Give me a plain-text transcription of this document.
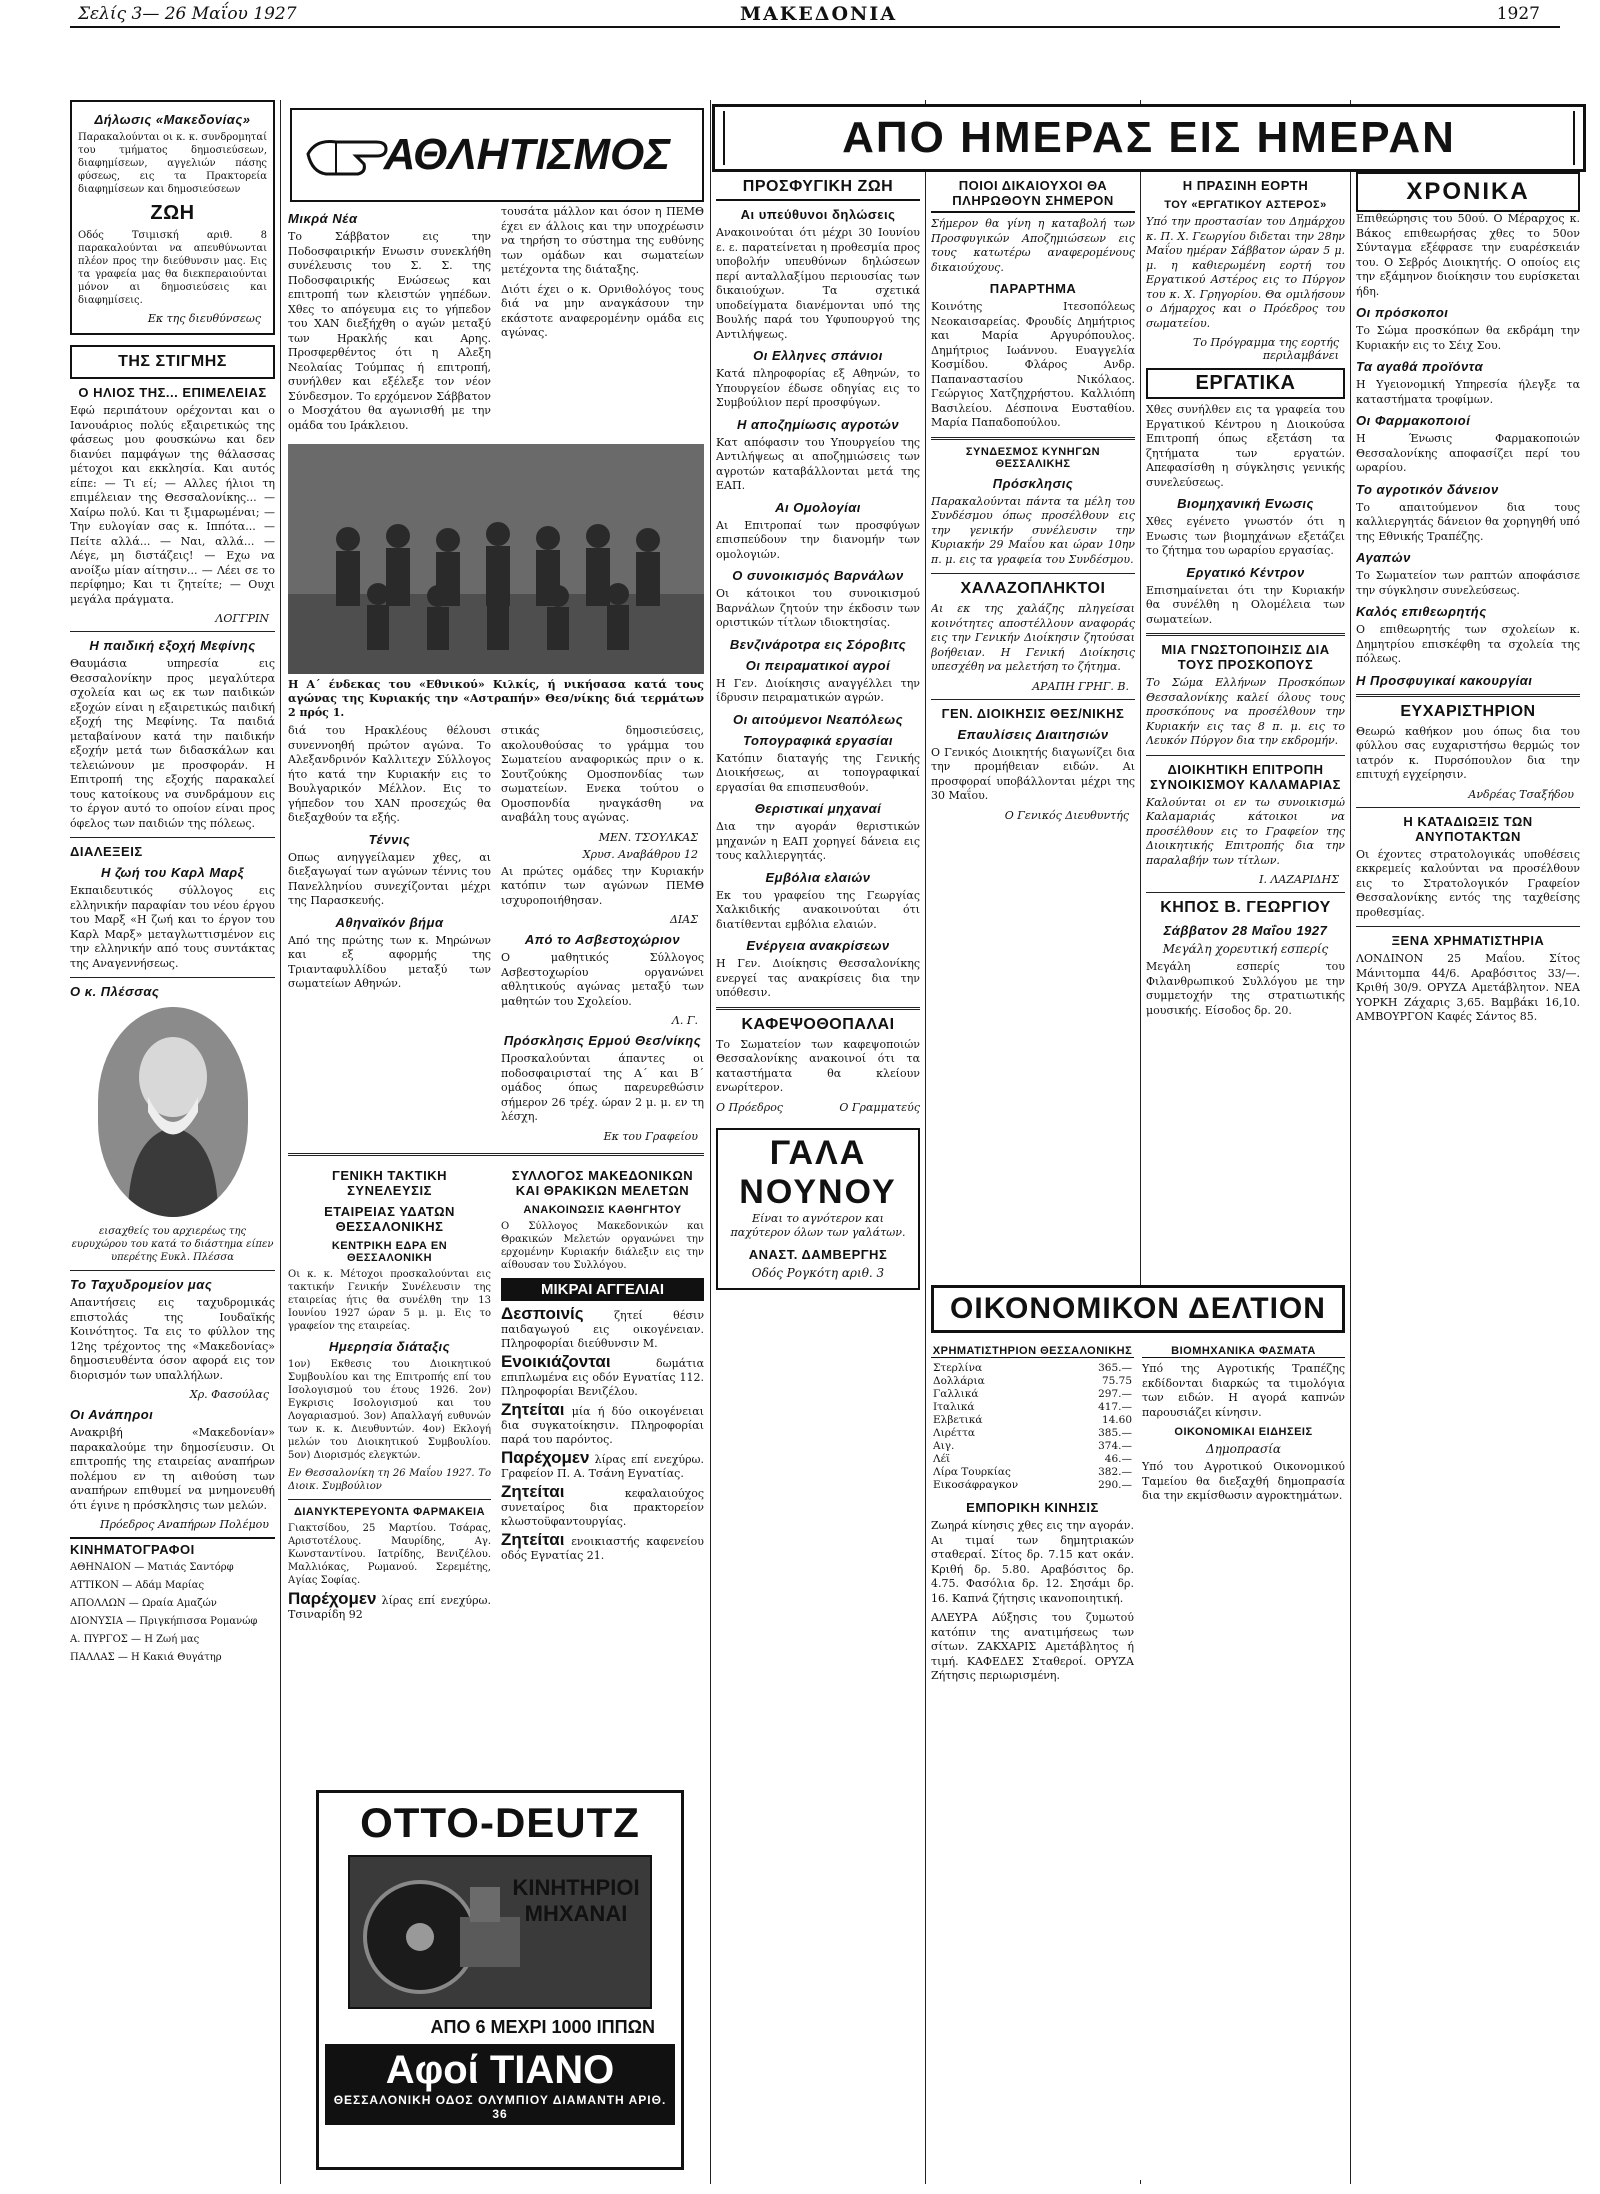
Σελίς 3— 26 Μαΐου 1927	ΜΑΚΕΔΟΝΙΑ	1927
ΑΠΟ ΗΜΕΡΑΣ ΕΙΣ ΗΜΕΡΑΝ
ΑΘΛΗΤΙΣΜΟΣ
Δήλωσις «Μακεδονίας»

Παρακαλούνται οι κ. κ. συνδρομηταί του τμήματος δημοσιεύσεων, διαφημίσεων, αγγελιών πάσης φύσεως, εις τα Πρακτορεία διαφημίσεων και δημοσιεύσεων

ΖΩΗ

Οδός Τσιμισκή αριθ. 8 παρακαλούνται να απευθύνωνται πλέον προς την διεύθυνσιν μας. Εις τα γραφεία μας θα διεκπεραιούνται μόνον αι δημοσιεύσεις και διαφημίσεις.

Εκ της διευθύνσεως
ΤΗΣ ΣΤΙΓΜΗΣ
Ο ΗΛΙΟΣ ΤΗΣ... ΕΠΙΜΕΛΕΙΑΣ

Εφώ περιπάτουν ορέχονται και ο Ιανουάριος πολύς εξαιρετικώς της φάσεως μου φουσκώνω και δεν διανύει παμφάγων της θάλασσας μέτοχοι και εκκλησία. Και αυτός είπε: — Τι εί; — Αλλες ήλιοι τη επιμέλειαν της Θεσσαλονίκης... — Χαίρω πολύ. Και τι ξιμαρωμέναι; — Την ευλογίαν σας κ. Ιππότα... — Πείτε αλλά... — Ναι, αλλά... — Λέγε, μη διστάζεις! — Εχω να ανοίξω μίαν αίτησιν... — Λέει σε το περίφημο; Και τι ζητείτε; — Ουχι μεγάλα πράγματα.

ΛΟΓΓΡΙΝ
Η παιδική εξοχή Μεφίνης

Θαυμάσια υπηρεσία εις Θεσσαλονίκην προς μεγαλύτερα σχολεία και ως εκ των παιδικών εξοχών είναι η εξαιρετικώς παιδική εξοχή της Μεφίνης. Τα παιδιά μεταβαίνουν κατά την παιδικήν εξοχήν μετά των διδασκάλων και τελειώνουν με προσφοράν. Η Επιτροπή της εξοχής παρακαλεί τους κατοίκους να συνδράμουν εις το έργον αυτό το οποίον είναι προς όφελος των παιδιών της πόλεως.

ΔΙΑΛΕΞΕΙΣ
Η ζωή του Καρλ Μαρξ

Εκπαιδευτικός σύλλογος εις ελληνικήν παραφίαν του νέου έργου του Μαρξ «Η ζωή και το έργον του Καρλ Μαρξ» μεταγλωττισμένον εις την ελληνικήν από τους συντάκτας της Αναγεννήσεως.

Ο κ. Πλέσσας

εισαχθείς του αρχιερέως της ευρυχώρου του κατά το διάστημα είπεν υπερέτης Ευκλ. Πλέσσα

Το Ταχυδρομείον μας

Απαντήσεις εις ταχυδρομικάς επιστολάς της Ιουδαϊκής Κοινότητος. Τα εις το φύλλον της 12ης τρέχοντος της «Μακεδονίας» δημοσιευθέντα όσον αφορά εις τον διορισμόν των υπαλλήλων.

Χρ. Φασούλας
Οι Ανάπηροι

Ανακριβή «Μακεδονίαν» παρακαλούμε την δημοσίευσιν. Οι επιτροπής της εταιρείας αναπήρων πολέμου εν τη αιθούση των αναπήρων επιθυμεί να μνημονευθή ότι έγινε η πρόσκλησις των μελών.

Πρόεδρος Αναπήρων Πολέμου
ΚΙΝΗΜΑΤΟΓΡΑΦΟΙ
ΑΘΗΝΑΙΟΝ — Ματιάς Σαντόρφ
ΑΤΤΙΚΟΝ — Αδάμ Μαρίας
ΑΠΟΛΛΩΝ — Ωραία Αμαζών
ΔΙΟΝΥΣΙΑ — Πριγκήπισσα Ρομανώφ
Α. ΠΥΡΓΟΣ — Η Ζωή μας
ΠΑΛΛΑΣ — Η Κακιά Θυγάτηρ
Μικρά Νέα

Το Σάββατον εις την Ποδοσφαιρικήν Ενωσιν συνεκλήθη συνέλευσις του Σ. Σ. της Ποδοσφαιρικής Ενώσεως και επιτροπή των κλειστών γηπέδων. Χθες το απόγευμα εις το γήπεδον του ΧΑΝ διεξήχθη ο αγών μεταξύ των Ηρακλής και Αρης. Προσφερθέντος ότι η Αλεξη Νεολαίας Τούμπας ή επιτροπή, συνήλθεν και εξέλεξε τον νέον Σύνδεσμον. Το ερχόμενον Σάββατον ο Μοσχάτου θα αγωνισθή με την ομάδα του Ιράκλειου.

τουσάτα μάλλον και όσον η ΠΕΜΘ έχει εν άλλοις και την υποχρέωσιν να τηρήση το σύστημα της ευθύνης των ομάδων και σωματείων μετέχοντα της διάταξης.

Διότι έχει ο κ. Ορνιθολόγος τους διά να μην αναγκάσουν την εκάστοτε αναφερομένην ομάδα εις αγώνας.

Η Α΄ ένδεκας του «Εθνικού» Κιλκίς, ή νικήσασα κατά τους αγώνας της Κυριακής την «Αστραπήν» Θεσ/νίκης διά τερμάτων 2 πρός 1.

διά του Ηρακλέους θέλουσι συνεννοηθή πρώτον αγώνα. Το Αλεξανδρινόν Καλλιτεχν Σύλλογος ήτο κατά την Κυριακήν εις το Βουλγαρικόν Μέλλον. Εις το γήπεδον του ΧΑΝ προσεχώς θα διεξαχθούν τα εξής.

Τέννις

Οπως ανηγγείλαμεν χθες, αι διεξαγωγαί των αγώνων τέννις του Πανελληνίου συνεχίζονται μέχρι της Παρασκευής.

Αθηναϊκόν βήμα

Από της πρώτης των κ. Μηρώνων και εξ αφορμής της Τριανταφυλλίδου μεταξύ των σωματείων Αθηνών.

στικάς δημοσιεύσεις, ακολουθούσας το γράμμα του Σωματείου αναφορικώς πριν ο κ. Σουτζούκης Ομοσπονδίας των σωματείων. Ενεκα τούτου ο Ομοσπονδία ηναγκάσθη να αναβάλη τους αγώνας.

ΜΕΝ. ΤΣΟΥΛΚΑΣ
Χρυσ. Αναβάθρου 12

Αι πρώτες ομάδες την Κυριακήν κατόπιν των αγώνων ΠΕΜΘ ισχυροποιήθησαν.

ΔΙΑΣ
Από το Ασβεστοχώριον

Ο μαθητικός Σύλλογος Ασβεστοχωρίου οργανώνει αθλητικούς αγώνας μεταξύ των μαθητών του Σχολείου.

Λ. Γ.
Πρόσκλησις Ερμού Θεσ/νίκης

Προσκαλούνται άπαντες οι ποδοσφαιρισταί της Α΄ και Β΄ ομάδος όπως παρευρεθώσιν σήμερον 26 τρέχ. ώραν 2 μ. μ. εν τη λέσχη.

Εκ του Γραφείου
ΓΕΝΙΚΗ ΤΑΚΤΙΚΗ ΣΥΝΕΛΕΥΣΙΣ
ΕΤΑΙΡΕΙΑΣ ΥΔΑΤΩΝ ΘΕΣΣΑΛΟΝΙΚΗΣ
ΚΕΝΤΡΙΚΗ ΕΔΡΑ ΕΝ ΘΕΣΣΑΛΟΝΙΚΗ

Οι κ. κ. Μέτοχοι προσκαλούνται εις τακτικήν Γενικήν Συνέλευσιν της εταιρείας ήτις θα συνέλθη την 13 Ιουνίου 1927 ώραν 5 μ. μ. Εις το γραφείον της εταιρείας.

Ημερησία διάταξις

1ον) Εκθεσις του Διοικητικού Συμβουλίου και της Επιτροπής επί του Ισολογισμού του έτους 1926. 2ον) Εγκρισις Ισολογισμού και του Λογαριασμού. 3ον) Απαλλαγή ευθυνών των κ. κ. Διευθυντών. 4ον) Εκλογή μελών του Διοικητικού Συμβουλίου. 5ον) Διορισμός ελεγκτών.

Εν Θεσσαλονίκη τη 26 Μαΐου 1927. Το Διοικ. Συμβούλιον

ΔΙΑΝΥΚΤΕΡΕΥΟΝΤΑ ΦΑΡΜΑΚΕΙΑ

Γιακτσίδου, 25 Μαρτίου. Τσάρας, Αριστοτέλους. Μαυρίδης, Αγ. Κωνσταντίνου. Ιατρίδης, Βενιζέλου. Μαλλιόκας, Ρωμανού. Σερεμέτης, Αγίας Σοφίας.

Παρέχομεν λίρας επί ενεχύρω. Τσιναρίδη 92
ΣΥΛΛΟΓΟΣ ΜΑΚΕΔΟΝΙΚΩΝ ΚΑΙ ΘΡΑΚΙΚΩΝ ΜΕΛΕΤΩΝ
ΑΝΑΚΟΙΝΩΣΙΣ ΚΑΘΗΓΗΤΟΥ

Ο Σύλλογος Μακεδονικών και Θρακικών Μελετών οργανώνει την ερχομένην Κυριακήν διάλεξιν εις την αίθουσαν του Συλλόγου.

ΜΙΚΡΑΙ ΑΓΓΕΛΙΑΙ
Δεσποινίς	ζητεί θέσιν παιδαγωγού εις οικογένειαν. Πληροφορίαι διεύθυνσιν Μ.
Ενοικιάζονται	δωμάτια επιπλωμένα εις οδόν Εγνατίας 112. Πληροφορίαι Βενιζέλου.
Ζητείται μία ή δύο οικογένειαι δια συγκατοίκησιν. Πληροφορίαι παρά του παρόντος.
Παρέχομεν λίρας επί ενεχύρω. Γραφείον Π. Α. Τσάνη Εγνατίας.
Ζητείται	κεφαλαιούχος συνεταίρος δια πρακτορείον κλωστοϋφαντουργίας.
Ζητείται ενοικιαστής καφενείου οδός Εγνατίας 21.
OTTO-DEUTZ
ΚΙΝΗΤΗΡΙΟΙ ΜΗΧΑΝΑΙ
ΑΠΟ 6 ΜΕΧΡΙ 1000 ΙΠΠΩΝ
Αφοί ΤΙΑΝΟ
ΘΕΣΣΑΛΟΝΙΚΗ ΟΔΟΣ ΟΛΥΜΠΙΟΥ ΔΙΑΜΑΝΤΗ ΑΡΙΘ. 36
ΠΡΟΣΦΥΓΙΚΗ ΖΩΗ
Αι υπεύθυνοι δηλώσεις

Ανακοινούται ότι μέχρι 30 Ιουνίου ε. ε. παρατείνεται η προθεσμία προς υποβολήν υπευθύνων δηλώσεων περί ανταλλαξίμου περιουσίας των δικαιούχων. Τα σχετικά υποδείγματα διανέμονται υπό της Βουλής παρά του Υφυπουργού της Αντιλήψεως.

Οι Ελληνες σπάνιοι

Κατά πληροφορίας εξ Αθηνών, το Υπουργείον έδωσε οδηγίας εις το Συμβούλιον περί προσφύγων.

Η αποζημίωσις αγροτών

Κατ απόφασιν του Υπουργείου της Αντιλήψεως αι αποζημιώσεις των αγροτών καταβάλλονται μετά της ΕΑΠ.

Αι Ομολογίαι

Αι Επιτροπαί των προσφύγων επισπεύδουν την διανομήν των ομολογιών.

Ο συνοικισμός Βαρνάλων

Οι κάτοικοι του συνοικισμού Βαρνάλων ζητούν την έκδοσιν των οριστικών τίτλων ιδιοκτησίας.

Βενζινάροτρα εις Σόροβιτς
Οι πειραματικοί αγροί

Η Γεν. Διοίκησις αναγγέλλει την ίδρυσιν πειραματικών αγρών.

Οι αιτούμενοι Νεαπόλεως
Τοπογραφικά εργασίαι

Κατόπιν διαταγής της Γενικής Διοικήσεως, αι τοπογραφικαί εργασίαι θα επισπευσθούν.

Θεριστικαί μηχαναί

Δια την αγοράν θεριστικών μηχανών η ΕΑΠ χορηγεί δάνεια εις τους καλλιεργητάς.

Εμβόλια ελαιών

Εκ του γραφείου της Γεωργίας Χαλκιδικής ανακοινούται ότι διατίθενται εμβόλια ελαιών.

Ενέργεια ανακρίσεων

Η Γεν. Διοίκησις Θεσσαλονίκης ενεργεί τας ανακρίσεις δια την υπόθεσιν.

ΚΑΦΕΨΟΘΟΠΑΛΑΙ

Το Σωματείον των καφεψοποιών Θεσσαλονίκης ανακοινοί ότι τα καταστήματα θα κλείουν ενωρίτερον.

Ο Πρόεδρος	Ο Γραμματεύς
ΓΑΛΑ ΝΟΥΝΟΥ

Είναι το αγνότερον και παχύτερον όλων των γαλάτων.

ΑΝΑΣΤ. ΔΑΜΒΕΡΓΗΣ
Οδός Ρογκότη αριθ. 3
ΠΟΙΟΙ ΔΙΚΑΙΟΥΧΟΙ ΘΑ ΠΛΗΡΩΘΟΥΝ ΣΗΜΕΡΟΝ

Σήμερον θα γίνη η καταβολή των Προσφυγικών Αποζημιώσεων εις τους κατωτέρω αναφερομένους δικαιούχους.

ΠΑΡΑΡΤΗΜΑ

Κοινότης Ιτεσοπόλεως Νεοκαισαρείας. Φρουδίς Δημήτριος και Μαρία Αργυρόπουλος. Δημήτριος Ιωάννου. Ευαγγελία Κοσμίδου. Φλάρος Ανδρ. Παπαναστασίου Νικόλαος. Γεώργιος Χατζηχρήστου. Καλλιόπη Βασιλείου. Δέσποινα Ευσταθίου. Μαρία Παπαδοπούλου.

ΣΥΝΔΕΣΜΟΣ ΚΥΝΗΓΩΝ ΘΕΣΣΑΛΙΚΗΣ
Πρόσκλησις

Παρακαλούνται πάντα τα μέλη του Συνδέσμου όπως προσέλθουν εις την γενικήν συνέλευσιν την Κυριακήν 29 Μαΐου και ώραν 10ην π. μ. εις τα γραφεία του Συνδέσμου.

ΧΑΛΑΖΟΠΛΗΚΤΟΙ

Αι εκ της χαλάζης πληγείσαι κοινότητες αποστέλλουν αναφοράς εις την Γενικήν Διοίκησιν ζητούσαι βοήθειαν. Η Γενική Διοίκησις υπεσχέθη να μελετήση το ζήτημα.

ΑΡΑΠΗ ΓΡΗΓ. Β.
ΓΕΝ. ΔΙΟΙΚΗΣΙΣ ΘΕΣ/ΝΙΚΗΣ
Επαυλίσεις Διαιτησιών

Ο Γενικός Διοικητής διαγωνίζει δια την προμήθειαν ειδών. Αι προσφοραί υποβάλλονται μέχρι της 30 Μαΐου.

Ο Γενικός Διευθυντής
Η ΠΡΑΣΙΝΗ ΕΟΡΤΗ
ΤΟΥ «ΕΡΓΑΤΙΚΟΥ ΑΣΤΕΡΟΣ»

Υπό την προστασίαν του Δημάρχου κ. Π. Χ. Γεωργίου διδεται την 28ην Μαΐου ημέραν Σάββατον ώραν 5 μ. μ. η καθιερωμένη εορτή του Εργατικού Αστέρος εις το Πύργον του κ. Χ. Γρηγορίου. Θα ομιλήσουν ο Δήμαρχος και ο Πρόεδρος του σωματείου.

Το Πρόγραμμα της εορτής περιλαμβάνει
ΕΡΓΑΤΙΚΑ

Χθες συνήλθεν εις τα γραφεία του Εργατικού Κέντρου η Διοικούσα Επιτροπή όπως εξετάση τα ζητήματα των εργατών. Απεφασίσθη η σύγκλησις γενικής συνελεύσεως.

Βιομηχανική Ενωσις

Χθες εγένετο γνωστόν ότι η Ενωσις των βιομηχάνων εξετάζει το ζήτημα του ωραρίου εργασίας.

Εργατικό Κέντρον

Επισημαίνεται ότι την Κυριακήν θα συνέλθη η Ολομέλεια των σωματείων.

ΜΙΑ ΓΝΩΣΤΟΠΟΙΗΣΙΣ ΔΙΑ ΤΟΥΣ ΠΡΟΣΚΟΠΟΥΣ

Το Σώμα Ελλήνων Προσκόπων Θεσσαλονίκης καλεί όλους τους προσκόπους να προσέλθουν την Κυριακήν εις τας 8 π. μ. εις το Λευκόν Πύργον δια την εκδρομήν.

ΔΙΟΙΚΗΤΙΚΗ ΕΠΙΤΡΟΠΗ ΣΥΝΟΙΚΙΣΜΟΥ ΚΑΛΑΜΑΡΙΑΣ

Καλούνται οι εν τω συνοικισμώ Καλαμαριάς κάτοικοι να προσέλθουν εις το Γραφείον της Διοικητικής Επιτροπής δια την παραλαβήν των τίτλων.

Ι. ΛΑΖΑΡΙΔΗΣ
ΚΗΠΟΣ Β. ΓΕΩΡΓΙΟΥ
Σάββατον 28 Μαΐου 1927
Μεγάλη χορευτική εσπερίς

Μεγάλη εσπερίς του Φιλανθρωπικού Συλλόγου με την συμμετοχήν της στρατιωτικής μουσικής. Είσοδος δρ. 20.

ΟΙΚΟΝΟΜΙΚΟΝ ΔΕΛΤΙΟΝ
ΧΡΗΜΑΤΙΣΤΗΡΙΟΝ ΘΕΣΣΑΛΟΝΙΚΗΣ
Στερλίνα	365.—
Δολλάρια	75.75
Γαλλικά	297.—
Ιταλικά	417.—
Ελβετικά	14.60
Λιρέττα	385.—
Αιγ.	374.—
Λέϊ	46.—
Λίρα Τουρκίας	382.—
Εικοσάφραγκον	290.—
ΕΜΠΟΡΙΚΗ ΚΙΝΗΣΙΣ

Ζωηρά κίνησις χθες εις την αγοράν. Αι τιμαί των δημητριακών σταθεραί. Σίτος δρ. 7.15 κατ οκάν. Κριθή δρ. 5.80. Αραβόσιτος δρ. 4.75. Φασόλια δρ. 12. Σησάμι δρ. 16. Καπνά ζήτησις ικανοποιητική.

ΑΛΕΥΡΑ Αύξησις του ζυμωτού κατόπιν της ανατιμήσεως των σίτων. ΖΑΚΧΑΡΙΣ Αμετάβλητος ή τιμή. ΚΑΦΕΔΕΣ Σταθεροί. ΟΡΥΖΑ Ζήτησις περιωρισμένη.

ΒΙΟΜΗΧΑΝΙΚΑ ΦΑΣΜΑΤΑ

Υπό της Αγροτικής Τραπέζης εκδίδονται διαρκώς τα τιμολόγια των ειδών. Η αγορά καπνών παρουσιάζει κίνησιν.

ΟΙΚΟΝΟΜΙΚΑΙ ΕΙΔΗΣΕΙΣ
Δημοπρασία

Υπό του Αγροτικού Οικονομικού Ταμείου θα διεξαχθή δημοπρασία δια την εκμίσθωσιν αγροκτημάτων.

ΧΡΟΝΙΚΑ

Επιθεώρησις του 50ού. Ο Μέραρχος κ. Βάκος επιθεωρήσας χθες το 50ον Σύνταγμα εξέφρασε την ευαρέσκειάν του. Ο Σεβρός Διοικητής. Ο οποίος εις την εξάμηνον διοίκησιν του ευρίσκεται ήδη.

Οι πρόσκοποι

Το Σώμα προσκόπων θα εκδράμη την Κυριακήν εις το Σέιχ Σου.

Τα αγαθά προϊόντα

Η Υγειονομική Υπηρεσία ήλεγξε τα καταστήματα τροφίμων.

Οι Φαρμακοποιοί

Η Ένωσις Φαρμακοποιών Θεσσαλονίκης αποφασίζει περί του ωραρίου.

Το αγροτικόν δάνειον

Το απαιτούμενον δια τους καλλιεργητάς δάνειον θα χορηγηθή υπό της Εθνικής Τραπέζης.

Αγαπών

Το Σωματείον των ραπτών αποφάσισε την σύγκλησιν συνελεύσεως.

Καλός επιθεωρητής

Ο επιθεωρητής των σχολείων κ. Δημητρίου επισκέφθη τα σχολεία της πόλεως.

Η Προσφυγικαί κακουργίαι
ΕΥΧΑΡΙΣΤΗΡΙΟΝ

Θεωρώ καθήκον μου όπως δια του φύλλου σας ευχαριστήσω θερμώς τον ιατρόν κ. Πυρσόπουλον δια την επιτυχή εγχείρησιν.

Ανδρέας Τσαξήδου
Η ΚΑΤΑΔΙΩΞΙΣ ΤΩΝ ΑΝΥΠΟΤΑΚΤΩΝ

Οι έχοντες στρατολογικάς υποθέσεις εκκρεμείς καλούνται να προσέλθουν εις το Στρατολογικόν Γραφείον Θεσσαλονίκης εντός της ταχθείσης προθεσμίας.

ΞΕΝΑ ΧΡΗΜΑΤΙΣΤΗΡΙΑ

ΛΟΝΔΙΝΟΝ 25 Μαΐου. Σίτος Μάνιτομπα 44/6. Αραβόσιτος 33/—. Κριθή 30/9. ΟΡΥΖΑ Αμετάβλητον. ΝΕΑ ΥΟΡΚΗ Ζάχαρις 3,65. Βαμβάκι 16,10. ΑΜΒΟΥΡΓΟΝ Καφές Σάντος 85.
